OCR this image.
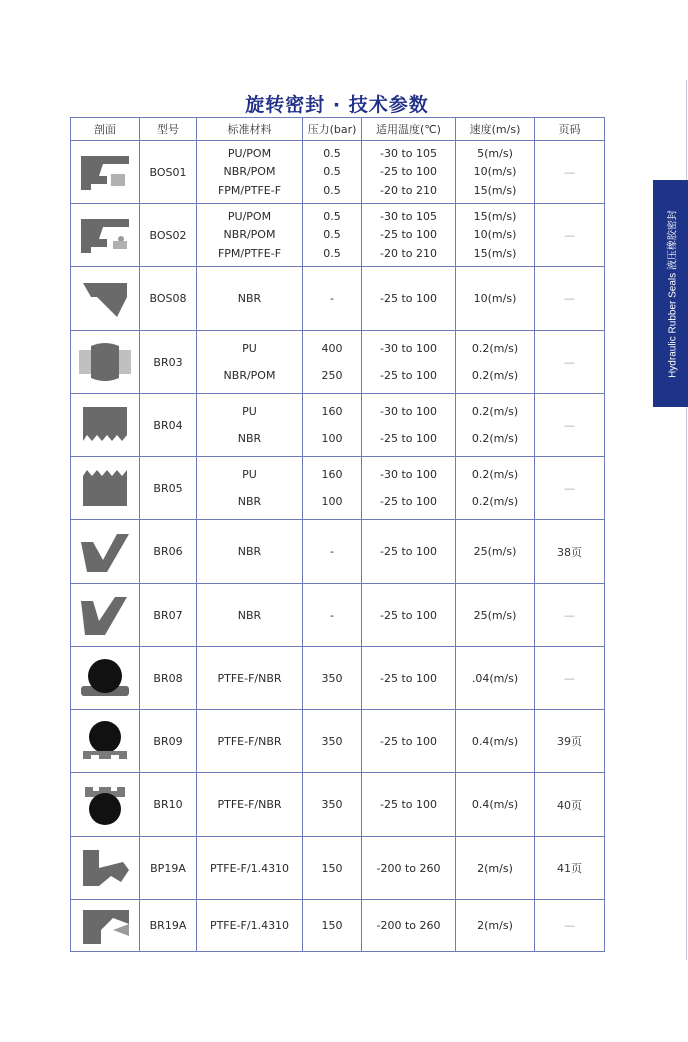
Hydraulic Rubber Seals 液压橡胶密封
旋转密封 · 技术参数
剖面	型号	标准材料	压力(bar)	适用温度(℃)	速度(m/s)	页码

	BOS01	PU/POM
NBR/POM
FPM/PTFE-F	0.5
0.5
0.5	-30 to 105
-25 to 100
-20 to 210	5(m/s)
10(m/s)
15(m/s)	—

	BOS02	PU/POM
NBR/POM
FPM/PTFE-F	0.5
0.5
0.5	-30 to 105
-25 to 100
-20 to 210	15(m/s)
10(m/s)
15(m/s)	—

	BOS08	NBR	-	-25 to 100	10(m/s)	—

	BR03	PU
NBR/POM	400
250	-30 to 100
-25 to 100	0.2(m/s)
0.2(m/s)	—

	BR04	PU
NBR	160
100	-30 to 100
-25 to 100	0.2(m/s)
0.2(m/s)	—

	BR05	PU
NBR	160
100	-30 to 100
-25 to 100	0.2(m/s)
0.2(m/s)	—

	BR06	NBR	-	-25 to 100	25(m/s)	38页

	BR07	NBR	-	-25 to 100	25(m/s)	—

	BR08	PTFE-F/NBR	350	-25 to 100	.04(m/s)	—

	BR09	PTFE-F/NBR	350	-25 to 100	0.4(m/s)	39页

	BR10	PTFE-F/NBR	350	-25 to 100	0.4(m/s)	40页

	BP19A	PTFE-F/1.4310	150	-200 to 260	2(m/s)	41页

	BR19A	PTFE-F/1.4310	150	-200 to 260	2(m/s)	—
